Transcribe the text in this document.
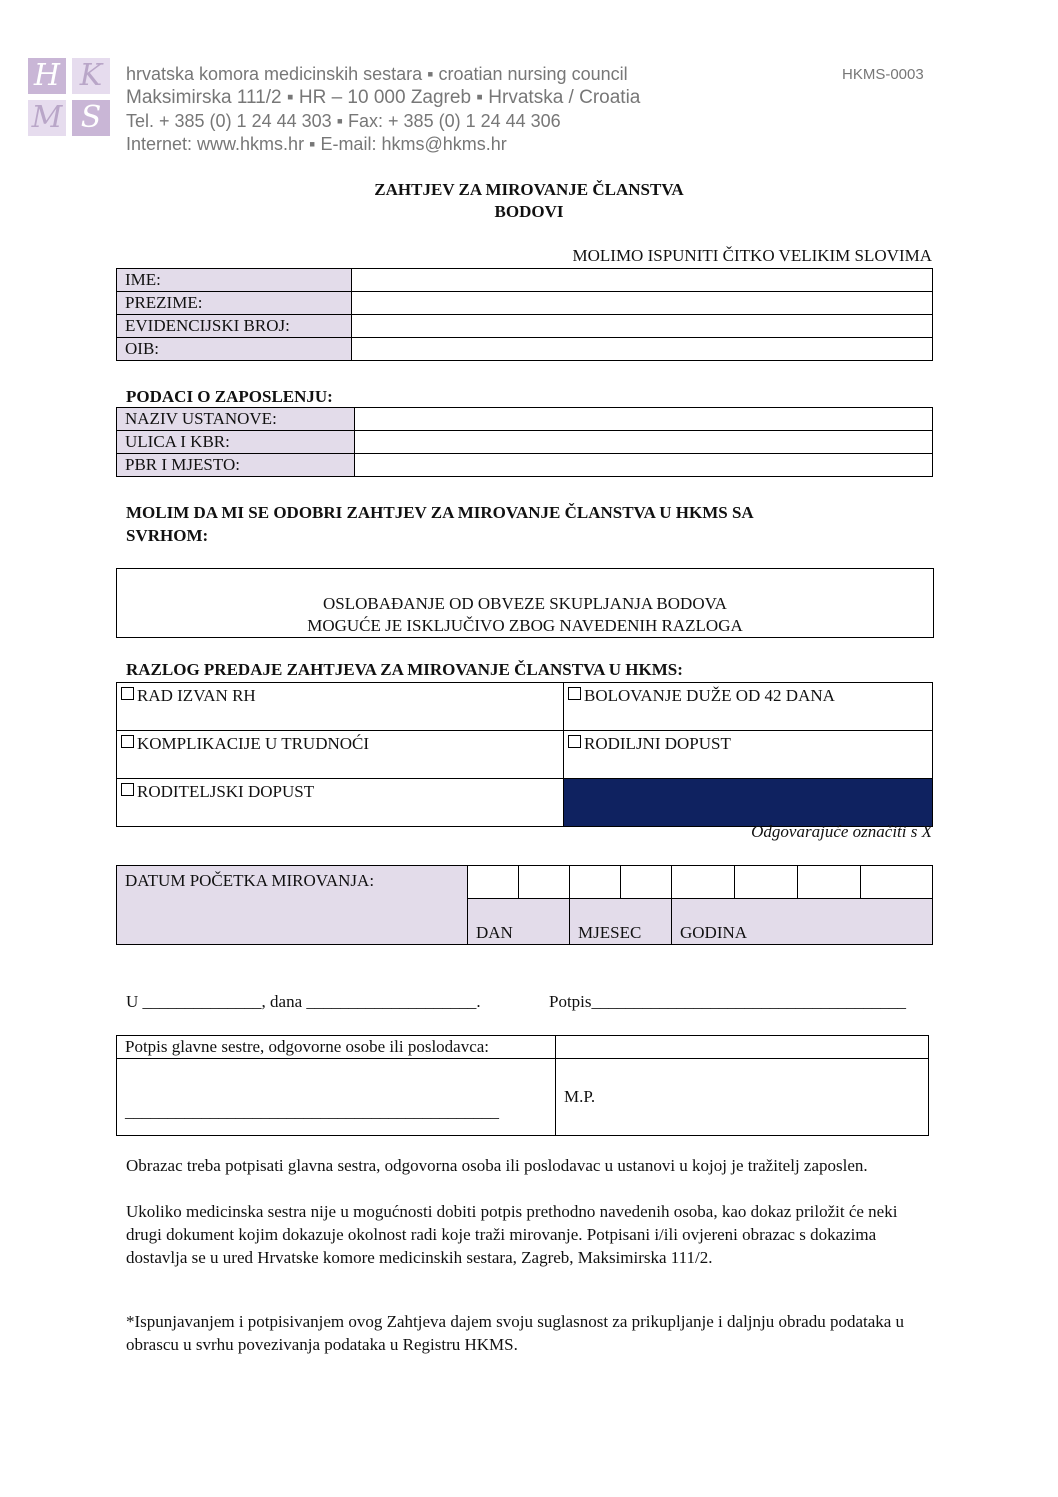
H K
M S
hrvatska komora medicinskih sestara ▪ croatian nursing council
Maksimirska 111/2 ▪ HR – 10 000 Zagreb ▪ Hrvatska / Croatia
Tel. + 385 (0) 1 24 44 303 ▪ Fax: + 385 (0) 1 24 44 306
Internet: www.hkms.hr ▪ E-mail: hkms@hkms.hr
HKMS-0003
ZAHTJEV ZA MIROVANJE ČLANSTVA
BODOVI
MOLIMO ISPUNITI ČITKO VELIKIM SLOVIMA
IME:	
PREZIME:	
EVIDENCIJSKI BROJ:	
OIB:	
PODACI O ZAPOSLENJU:
NAZIV USTANOVE:	
ULICA I KBR:	
PBR I MJESTO:	
MOLIM DA MI SE ODOBRI ZAHTJEV ZA MIROVANJE ČLANSTVA U HKMS SA
SVRHOM:
OSLOBAĐANJE OD OBVEZE SKUPLJANJA BODOVA
MOGUĆE JE ISKLJUČIVO ZBOG NAVEDENIH RAZLOGA
RAZLOG PREDAJE ZAHTJEVA ZA MIROVANJE ČLANSTVA U HKMS:
RAD IZVAN RH	BOLOVANJE DUŽE OD 42 DANA
KOMPLIKACIJE U TRUDNOĆI	RODILJNI DOPUST
RODITELJSKI DOPUST	
Odgovarajuće označiti s X
DATUM POČETKA MIROVANJA:								
	DAN		MJESEC		GODINA			
U ______________, dana ____________________.	Potpis_____________________________________
Potpis glavne sestre, odgovorne osobe ili poslodavca:	
____________________________________________	M.P.
Obrazac treba potpisati glavna sestra, odgovorna osoba ili poslodavac u ustanovi u kojoj je tražitelj zaposlen.
Ukoliko medicinska sestra nije u mogućnosti dobiti potpis prethodno navedenih osoba, kao dokaz priložit će neki drugi dokument kojim dokazuje okolnost radi koje traži mirovanje. Potpisani i/ili ovjereni obrazac s dokazima dostavlja se u ured Hrvatske komore medicinskih sestara, Zagreb, Maksimirska 111/2.
*Ispunjavanjem i potpisivanjem ovog Zahtjeva dajem svoju suglasnost za prikupljanje i daljnju obradu podataka u obrascu u svrhu povezivanja podataka u Registru HKMS.
